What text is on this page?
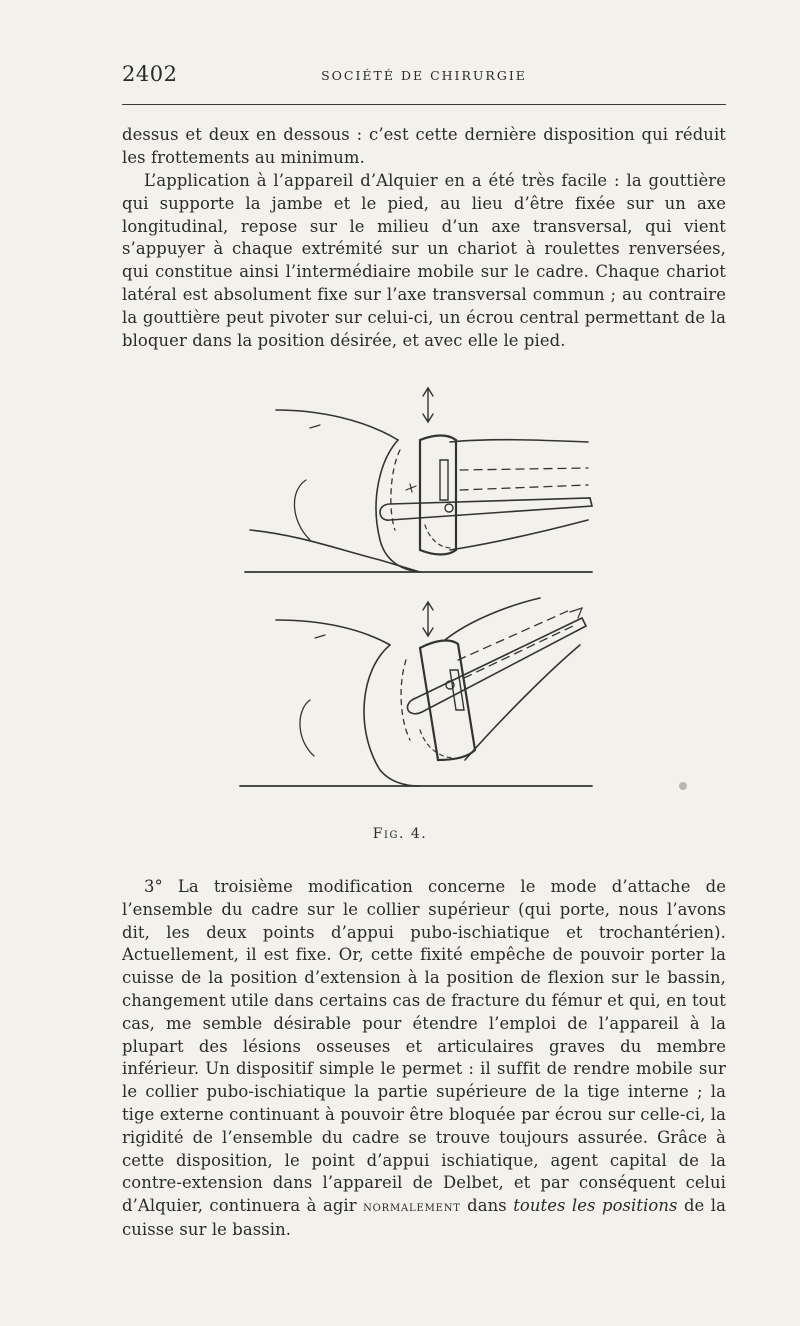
2402	SOCIÉTÉ DE CHIRURGIE

dessus et deux en dessous : c’est cette dernière disposition qui réduit les frottements au minimum.

L’application à l’appareil d’Alquier en a été très facile : la gouttière qui supporte la jambe et le pied, au lieu d’être fixée sur un axe longitudinal, repose sur le milieu d’un axe transversal, qui vient s’appuyer à chaque extrémité sur un chariot à roulettes renversées, qui constitue ainsi l’intermédiaire mobile sur le cadre. Chaque chariot latéral est absolument fixe sur l’axe transversal commun ; au contraire la gouttière peut pivoter sur celui-ci, un écrou central permettant de la bloquer dans la position désirée, et avec elle le pied.

Fig. 4.

3° La troisième modification concerne le mode d’attache de l’ensemble du cadre sur le collier supérieur (qui porte, nous l’avons dit, les deux points d’appui pubo-ischiatique et trochantérien). Actuellement, il est fixe. Or, cette fixité empêche de pouvoir porter la cuisse de la position d’extension à la position de flexion sur le bassin, changement utile dans certains cas de fracture du fémur et qui, en tout cas, me semble désirable pour étendre l’emploi de l’appareil à la plupart des lésions osseuses et articulaires graves du membre inférieur. Un dispositif simple le permet : il suffit de rendre mobile sur le collier pubo-ischiatique la partie supérieure de la tige interne ; la tige externe continuant à pouvoir être bloquée par écrou sur celle-ci, la rigidité de l’ensemble du cadre se trouve toujours assurée. Grâce à cette disposition, le point d’appui ischiatique, agent capital de la contre-extension dans l’appareil de Delbet, et par conséquent celui d’Alquier, continuera à agir normalement dans toutes les positions de la cuisse sur le bassin.
